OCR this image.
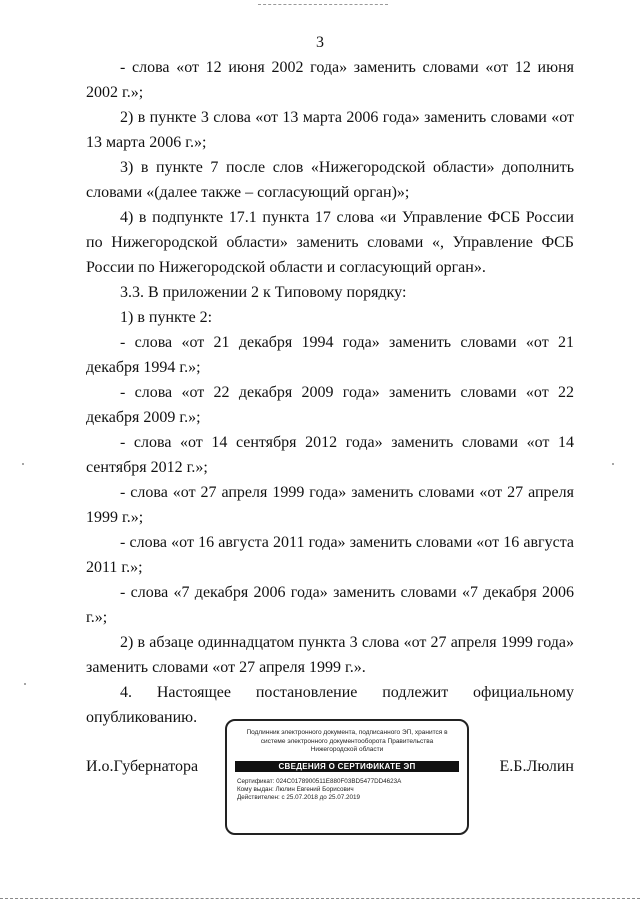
3

- слова «от 12 июня 2002 года» заменить словами «от 12 июня 2002 г.»;

2) в пункте 3 слова «от 13 марта 2006 года» заменить словами «от 13 марта 2006 г.»;

3) в пункте 7 после слов «Нижегородской области» дополнить словами «(далее также – согласующий орган)»;

4) в подпункте 17.1 пункта 17 слова «и Управление ФСБ России по Нижегородской области» заменить словами «, Управление ФСБ России по Нижегородской области и согласующий орган».

3.3. В приложении 2 к Типовому порядку:

1) в пункте 2:

- слова «от 21 декабря 1994 года» заменить словами «от 21 декабря 1994 г.»;

- слова «от 22 декабря 2009 года» заменить словами «от 22 декабря 2009 г.»;

- слова «от 14 сентября 2012 года» заменить словами «от 14 сентября 2012 г.»;

- слова «от 27 апреля 1999 года» заменить словами «от 27 апреля 1999 г.»;

- слова «от 16 августа 2011 года» заменить словами «от 16 августа 2011 г.»;

- слова «7 декабря 2006 года» заменить словами «7 декабря 2006 г.»;

2) в абзаце одиннадцатом пункта 3 слова «от 27 апреля 1999 года» заменить словами «от 27 апреля 1999 г.».

4. Настоящее постановление подлежит официальному опубликованию.

И.о.Губернатора	Е.Б.Люлин
Подлинник электронного документа, подписанного ЭП, хранится в системе электронного документооборота Правительства Нижегородской области
СВЕДЕНИЯ О СЕРТИФИКАТЕ ЭП
Сертификат: 024C0178900511E880F03BD5477DD4623A
Кому выдан: Люлин Евгений Борисович
Действителен: с 25.07.2018 до 25.07.2019
